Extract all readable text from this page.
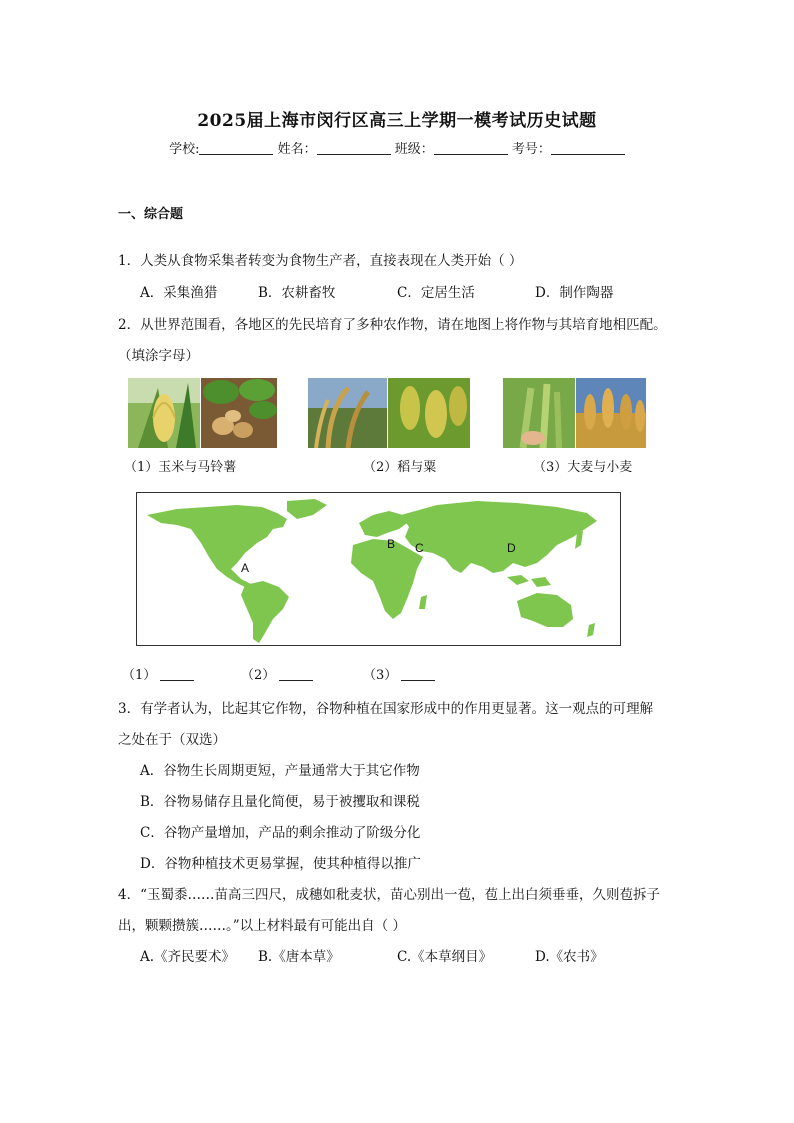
2025届上海市闵行区高三上学期一模考试历史试题
学校:	姓名：	班级：	考号：
一、综合题
1．人类从食物采集者转变为食物生产者，直接表现在人类开始（ ）
A．采集渔猎	B．农耕畜牧	C．定居生活	D．制作陶器
2．从世界范围看，各地区的先民培育了多种农作物，请在地图上将作物与其培育地相匹配。
（填涂字母）
（1）玉米与马铃薯	（2）稻与粟	（3）大麦与小麦
A
B C	D
（1）	（2）	（3）
3．有学者认为，比起其它作物，谷物种植在国家形成中的作用更显著。这一观点的可理解
之处在于（双选）
A．谷物生长周期更短，产量通常大于其它作物
B．谷物易储存且量化简便，易于被攫取和课税
C．谷物产量增加，产品的剩余推动了阶级分化
D．谷物种植技术更易掌握，使其种植得以推广
4．“玉蜀黍……苗高三四尺，成穗如秕麦状，苗心别出一苞，苞上出白须垂垂，久则苞拆子
出，颗颗攒簇……。”以上材料最有可能出自（ ）
A.《齐民要术》 B.《唐本草》	C.《本草纲目》	D.《农书》
